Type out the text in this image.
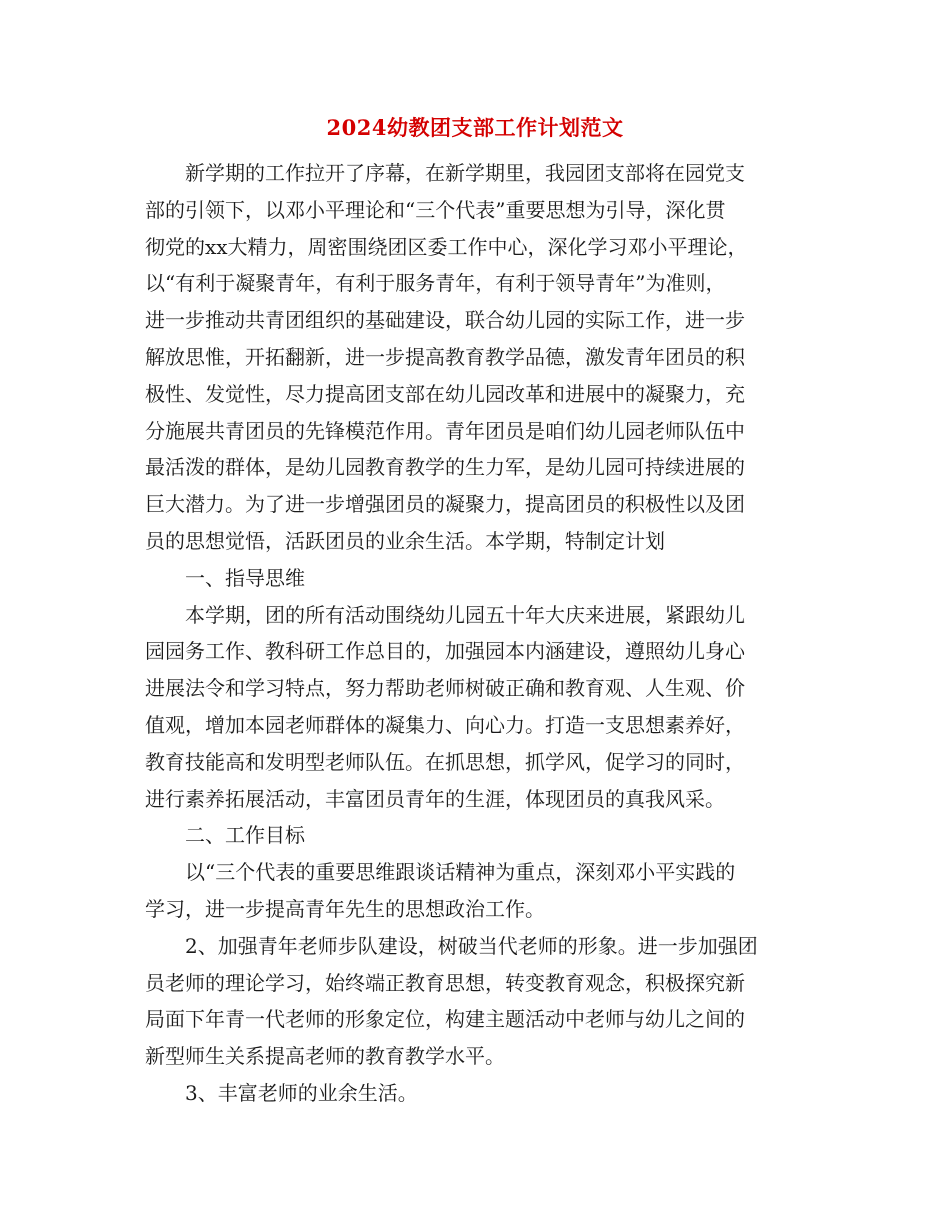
2024幼教团支部工作计划范文
新学期的工作拉开了序幕，在新学期里，我园团支部将在园党支
部的引领下，以邓小平理论和“三个代表”重要思想为引导，深化贯
彻党的xx大精力，周密围绕团区委工作中心，深化学习邓小平理论，
以“有利于凝聚青年，有利于服务青年，有利于领导青年”为准则，
进一步推动共青团组织的基础建设，联合幼儿园的实际工作，进一步
解放思惟，开拓翻新，进一步提高教育教学品德，激发青年团员的积
极性、发觉性，尽力提高团支部在幼儿园改革和进展中的凝聚力，充
分施展共青团员的先锋模范作用。青年团员是咱们幼儿园老师队伍中
最活泼的群体，是幼儿园教育教学的生力军，是幼儿园可持续进展的
巨大潜力。为了进一步增强团员的凝聚力，提高团员的积极性以及团
员的思想觉悟，活跃团员的业余生活。本学期，特制定计划
一、指导思维
本学期，团的所有活动围绕幼儿园五十年大庆来进展，紧跟幼儿
园园务工作、教科研工作总目的，加强园本内涵建设，遵照幼儿身心
进展法令和学习特点，努力帮助老师树破正确和教育观、人生观、价
值观，增加本园老师群体的凝集力、向心力。打造一支思想素养好，
教育技能高和发明型老师队伍。在抓思想，抓学风，促学习的同时，
进行素养拓展活动，丰富团员青年的生涯，体现团员的真我风采。
二、工作目标
以“三个代表的重要思维跟谈话精神为重点，深刻邓小平实践的
学习，进一步提高青年先生的思想政治工作。
2、加强青年老师步队建设，树破当代老师的形象。进一步加强团
员老师的理论学习，始终端正教育思想，转变教育观念，积极探究新
局面下年青一代老师的形象定位，构建主题活动中老师与幼儿之间的
新型师生关系提高老师的教育教学水平。
3、丰富老师的业余生活。
